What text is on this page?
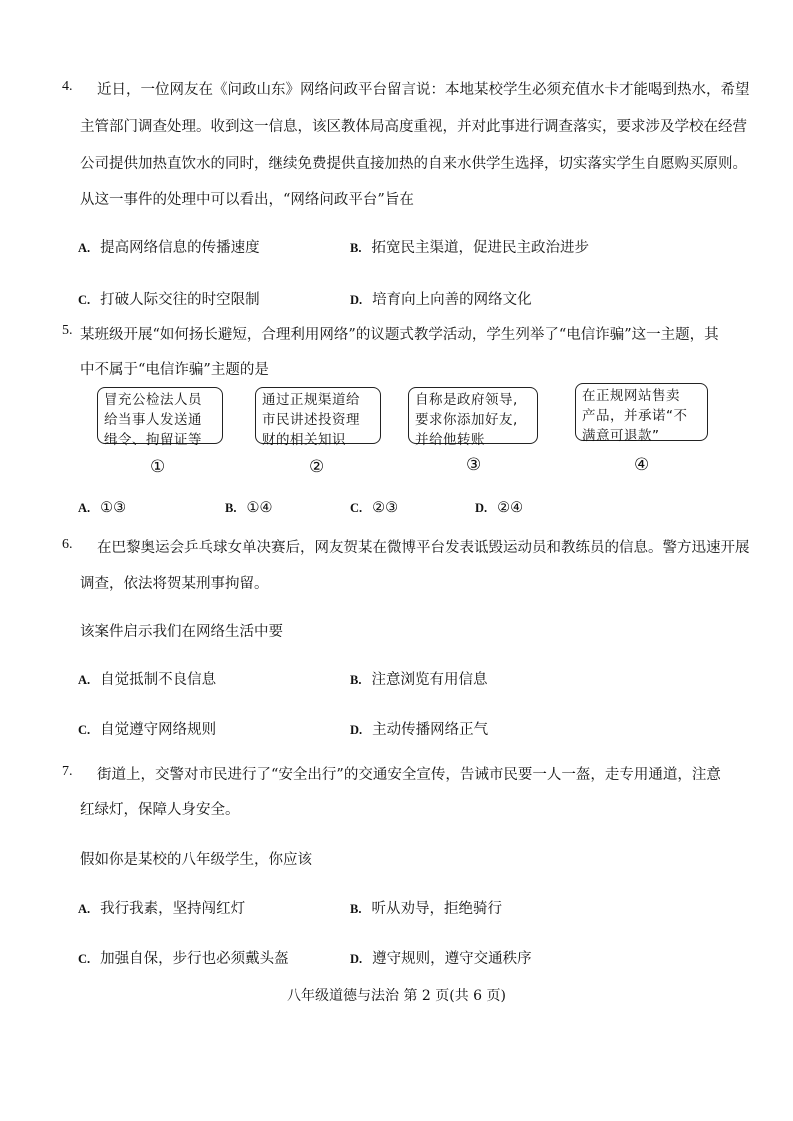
4. 近日，一位网友在《问政山东》网络问政平台留言说：本地某校学生必须充值水卡才能喝到热水，希望
主管部门调查处理。收到这一信息，该区教体局高度重视，并对此事进行调查落实，要求涉及学校在经营
公司提供加热直饮水的同时，继续免费提供直接加热的自来水供学生选择，切实落实学生自愿购买原则。
从这一事件的处理中可以看出，“网络问政平台”旨在
A. 提高网络信息的传播速度	B. 拓宽民主渠道，促进民主政治进步
C. 打破人际交往的时空限制	D. 培育向上向善的网络文化
5. 某班级开展“如何扬长避短，合理利用网络”的议题式教学活动，学生列举了“电信诈骗”这一主题，其
中不属于“电信诈骗”主题的是
冒充公检法人员
给当事人发送通
缉令、拘留证等
通过正规渠道给
市民讲述投资理
财的相关知识
自称是政府领导,
要求你添加好友,
并给他转账
在正规网站售卖
产品，并承诺“不
满意可退款”
①	②	③	④
A. ①③	B. ①④	C. ②③	D. ②④
6. 在巴黎奥运会乒乓球女单决赛后，网友贺某在微博平台发表诋毁运动员和教练员的信息。警方迅速开展
调查，依法将贺某刑事拘留。
该案件启示我们在网络生活中要
A. 自觉抵制不良信息	B. 注意浏览有用信息
C. 自觉遵守网络规则	D. 主动传播网络正气
7. 街道上，交警对市民进行了“安全出行”的交通安全宣传，告诫市民要一人一盔，走专用通道，注意
红绿灯，保障人身安全。
假如你是某校的八年级学生，你应该
A. 我行我素，坚持闯红灯	B. 听从劝导，拒绝骑行
C. 加强自保，步行也必须戴头盔	D. 遵守规则，遵守交通秩序
八年级道德与法治 第 2 页(共 6 页)
